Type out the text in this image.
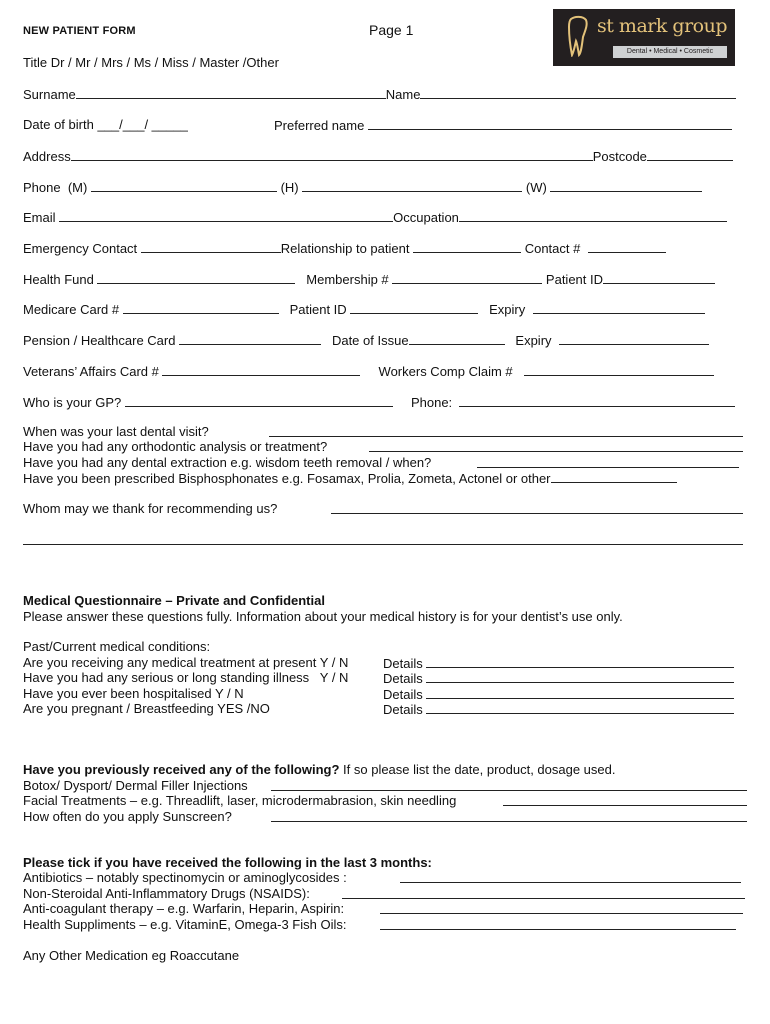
NEW PATIENT FORM	Page 1	st mark group
Dental • Medical • Cosmetic
Title Dr / Mr / Mrs / Ms / Miss / Master /Other
Surname	Name
Date of birth ___/___/ _____	Preferred name
Address	Postcode
Phone (M)	(H)	(W)
Email	Occupation
Emergency Contact	Relationship to patient	Contact #
Health Fund	Membership #	Patient ID
Medicare Card #	Patient ID	Expiry
Pension / Healthcare Card	Date of Issue	Expiry
Veterans’ Affairs Card #	Workers Comp Claim #
Who is your GP?	Phone:
When was your last dental visit?
Have you had any orthodontic analysis or treatment?
Have you had any dental extraction e.g. wisdom teeth removal / when?
Have you been prescribed Bisphosphonates e.g. Fosamax, Prolia, Zometa, Actonel or other
Whom may we thank for recommending us?
Medical Questionnaire – Private and Confidential
Please answer these questions fully. Information about your medical history is for your dentist’s use only.
Past/Current medical conditions:
Are you receiving any medical treatment at present Y / N	Details
Have you had any serious or long standing illness   Y / N	Details
Have you ever been hospitalised Y / N	Details
Are you pregnant / Breastfeeding YES /NO	Details
Have you previously received any of the following? If so please list the date, product, dosage used.
Botox/ Dysport/ Dermal Filler Injections
Facial Treatments – e.g. Threadlift, laser, microdermabrasion, skin needling
How often do you apply Sunscreen?
Please tick if you have received the following in the last 3 months:
Antibiotics – notably spectinomycin or aminoglycosides :
Non-Steroidal Anti-Inflammatory Drugs (NSAIDS):
Anti-coagulant therapy – e.g. Warfarin, Heparin, Aspirin:
Health Suppliments – e.g. VitaminE, Omega-3 Fish Oils:
Any Other Medication eg Roaccutane
